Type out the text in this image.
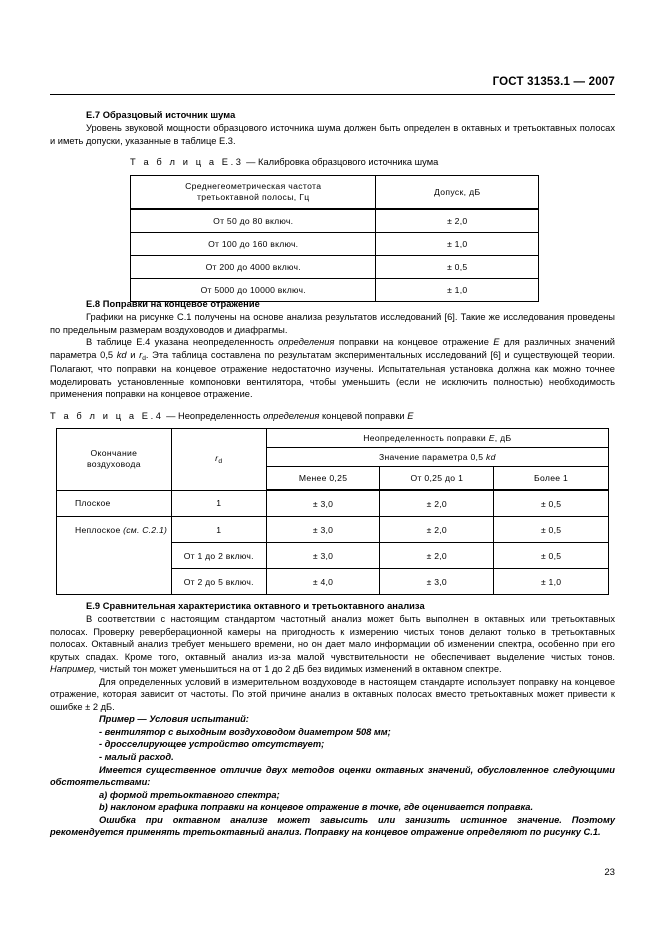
ГОСТ 31353.1 — 2007
Е.7 Образцовый источник шума

Уровень звуковой мощности образцового источника шума должен быть определен в октавных и третьоктавных полосах и иметь допуски, указанные в таблице Е.3.

Т а б л и ц а Е.3 — Калибровка образцового источника шума

Среднегеометрическая частота
третьоктавной полосы, Гц	Допуск, дБ
От 50 до 80 включ.	± 2,0
От 100 до 160 включ.	± 1,0
От 200 до 4000 включ.	± 0,5
От 5000 до 10000 включ.	± 1,0
Е.8 Поправки на концевое отражение

Графики на рисунке С.1 получены на основе анализа результатов исследований [6]. Такие же исследования проведены по предельным размерам воздуховодов и диафрагмы.

В таблице Е.4 указана неопределенность определения поправки на концевое отражение E для различных значений параметра 0,5 kd и $r_d$. Эта таблица составлена по результатам экспериментальных исследований [6] и существующей теории. Полагают, что поправки на концевое отражение недостаточно изучены. Испытательная установка должна как можно точнее моделировать установленные компоновки вентилятора, чтобы уменьшить (если не исключить полностью) необходимость применения поправки на концевое отражение.

Т а б л и ц а Е.4 — Неопределенность определения концевой поправки E

Окончание
воздуховода	$r_d$	Неопределенность поправки E, дБ		
		Значение параметра 0,5 kd		
		Менее 0,25	От 0,25 до 1	Более 1
Плоское	1	± 3,0	± 2,0	± 0,5
Неплоское (см. С.2.1)	1	± 3,0	± 2,0	± 0,5
	От 1 до 2 включ.	± 3,0	± 2,0	± 0,5
	От 2 до 5 включ.	± 4,0	± 3,0	± 1,0
Е.9 Сравнительная характеристика октавного и третьоктавного анализа

В соответствии с настоящим стандартом частотный анализ может быть выполнен в октавных или третьоктавных полосах. Проверку реверберационной камеры на пригодность к измерению чистых тонов делают только в третьоктавных полосах. Октавный анализ требует меньшего времени, но он дает мало информации об изменении спектра, особенно при его крутых спадах. Кроме того, октавный анализ из-за малой чувствительности не обеспечивает выделение чистых тонов. Например, чистый тон может уменьшиться на от 1 до 2 дБ без видимых изменений в октавном спектре.

Для определенных условий в измерительном воздуховоде в настоящем стандарте использует поправку на концевое отражение, которая зависит от частоты. По этой причине анализ в октавных полосах вместо третьоктавных может привести к ошибке ± 2 дБ.

Пример — Условия испытаний:

- вентилятор с выходным воздуховодом диаметром 508 мм;

- дросселирующее устройство отсутствует;

- малый расход.

Имеется существенное отличие двух методов оценки октавных значений, обусловленное следующими обстоятельствами:

a) формой третьоктавного спектра;

b) наклоном графика поправки на концевое отражение в точке, где оценивается поправка.

Ошибка при октавном анализе может завысить или занизить истинное значение. Поэтому рекомендуется применять третьоктавный анализ. Поправку на концевое отражение определяют по рисунку С.1.

23
